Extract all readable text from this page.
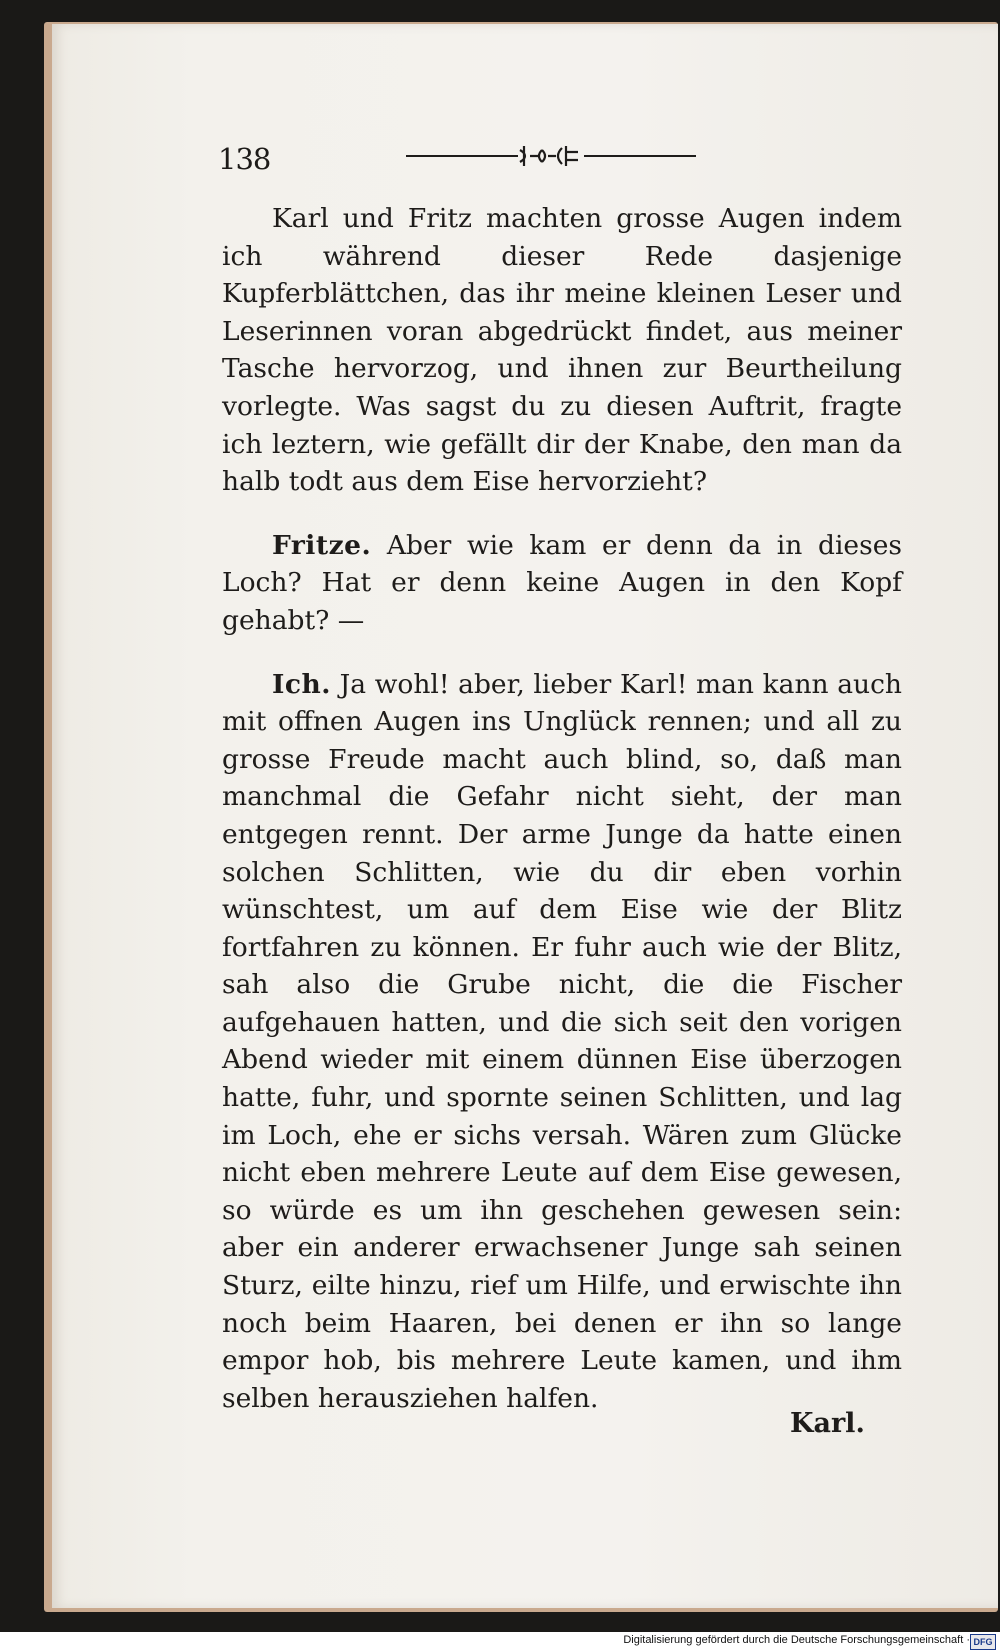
138

Karl und Fritz machten grosse Augen indem ich während dieser Rede dasjenige Kupferblättchen, das ihr meine kleinen Leser und Leserinnen voran abgedrückt findet, aus meiner Tasche hervorzog, und ihnen zur Beurtheilung vorlegte. Was sagst du zu diesen Auftrit, fragte ich leztern, wie gefällt dir der Knabe, den man da halb todt aus dem Eise hervorzieht?

Fritze. Aber wie kam er denn da in dieses Loch? Hat er denn keine Augen in den Kopf gehabt? —

Ich. Ja wohl! aber, lieber Karl! man kann auch mit offnen Augen ins Unglück rennen; und all zu grosse Freude macht auch blind, so, daß man manchmal die Gefahr nicht sieht, der man entgegen rennt. Der arme Junge da hatte einen solchen Schlitten, wie du dir eben vorhin wünschtest, um auf dem Eise wie der Blitz fortfahren zu können. Er fuhr auch wie der Blitz, sah also die Grube nicht, die die Fischer aufgehauen hatten, und die sich seit den vorigen Abend wieder mit einem dünnen Eise überzogen hatte, fuhr, und spornte seinen Schlitten, und lag im Loch, ehe er sichs versah. Wären zum Glücke nicht eben mehrere Leute auf dem Eise gewesen, so würde es um ihn geschehen gewesen sein: aber ein anderer erwachsener Junge sah seinen Sturz, eilte hinzu, rief um Hilfe, und erwischte ihn noch beim Haaren, bei denen er ihn so lange empor hob, bis mehrere Leute kamen, und ihm selben herausziehen halfen.

Karl.
Digitalisierung gefördert durch die Deutsche Forschungsgemeinschaft · DFG
